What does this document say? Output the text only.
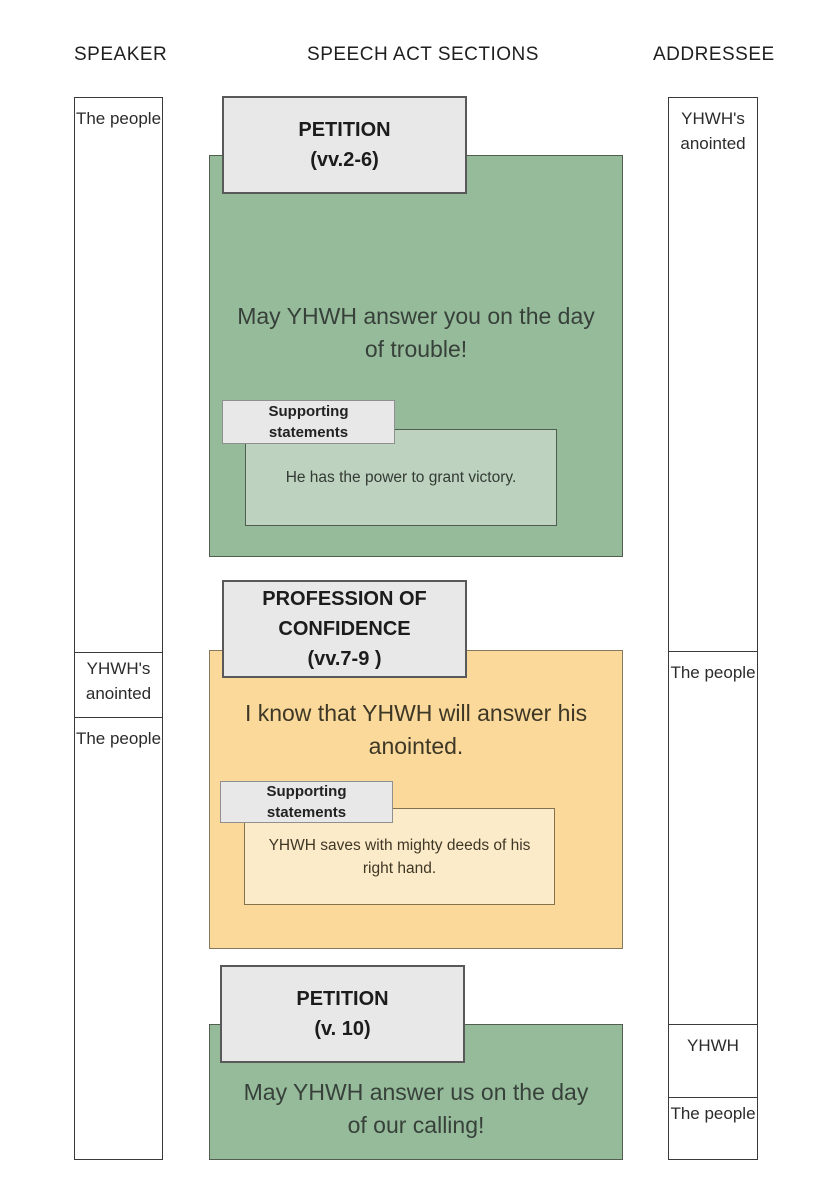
SPEAKER	SPEECH ACT SECTIONS	ADDRESSEE
The people
YHWH's anointed
The people
YHWH's anointed
The people
YHWH
The people
May YHWH answer you on the day of trouble!
He has the power to grant victory.
Supporting statements
PETITION
(vv.2-6)
I know that YHWH will answer his anointed.
YHWH saves with mighty deeds of his right hand.
Supporting statements
PROFESSION OF CONFIDENCE
(vv.7-9 )
May YHWH answer us on the day of our calling!
PETITION
(v. 10)
